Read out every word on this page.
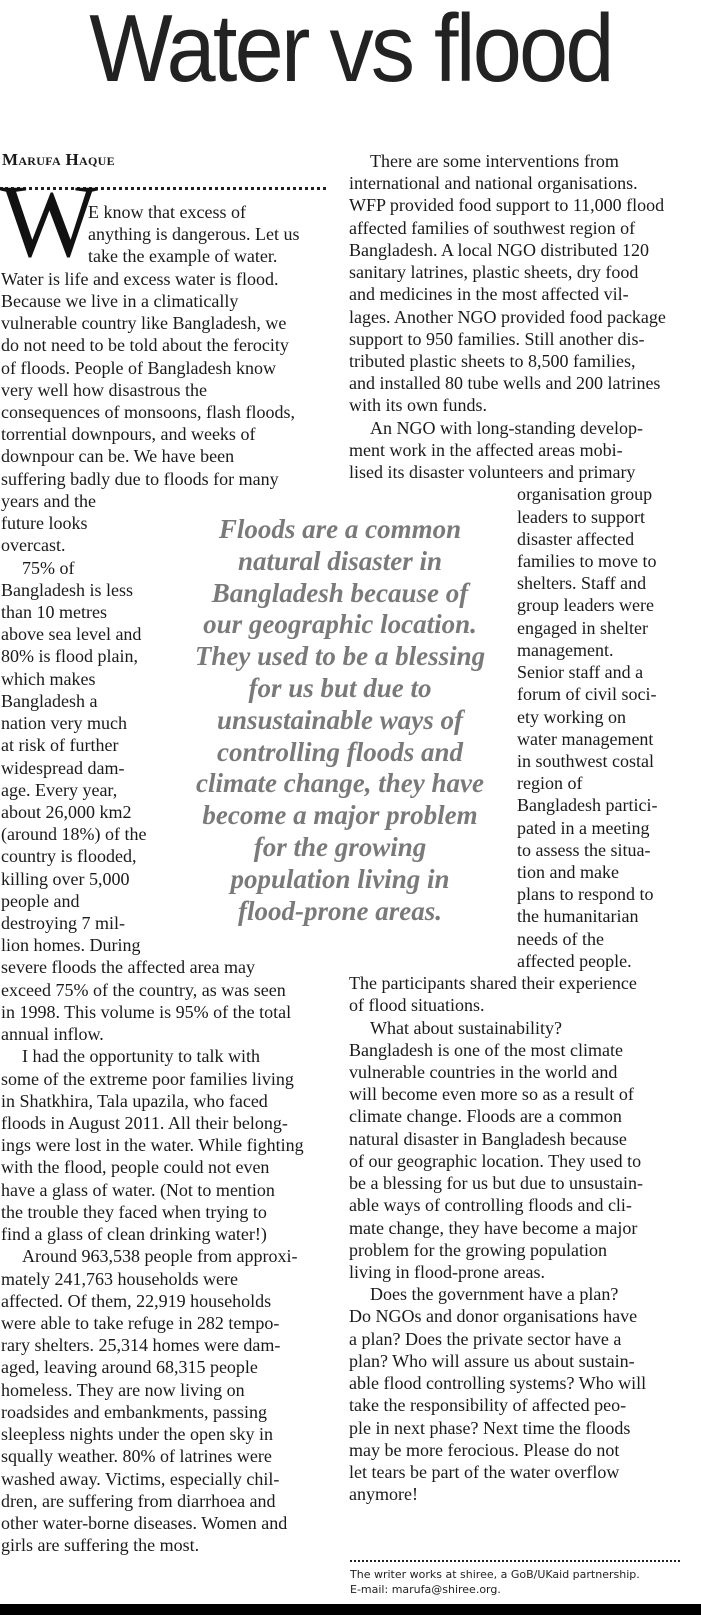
Water vs flood
Marufa Haque
W
E know that excess of
anything is dangerous. Let us
take the example of water.
Water is life and excess water is flood.
Because we live in a climatically
vulnerable country like Bangladesh, we
do not need to be told about the ferocity
of floods. People of Bangladesh know
very well how disastrous the
consequences of monsoons, flash floods,
torrential downpours, and weeks of
downpour can be. We have been
suffering badly due to floods for many
years and the
future looks
overcast.
75% of
Bangladesh is less
than 10 metres
above sea level and
80% is flood plain,
which makes
Bangladesh a
nation very much
at risk of further
widespread dam-
age. Every year,
about 26,000 km2
(around 18%) of the
country is flooded,
killing over 5,000
people and
destroying 7 mil-
lion homes. During
severe floods the affected area may
exceed 75% of the country, as was seen
in 1998. This volume is 95% of the total
annual inflow.
I had the opportunity to talk with
some of the extreme poor families living
in Shatkhira, Tala upazila, who faced
floods in August 2011. All their belong-
ings were lost in the water. While fighting
with the flood, people could not even
have a glass of water. (Not to mention
the trouble they faced when trying to
find a glass of clean drinking water!)
Around 963,538 people from approxi-
mately 241,763 households were
affected. Of them, 22,919 households
were able to take refuge in 282 tempo-
rary shelters. 25,314 homes were dam-
aged, leaving around 68,315 people
homeless. They are now living on
roadsides and embankments, passing
sleepless nights under the open sky in
squally weather. 80% of latrines were
washed away. Victims, especially chil-
dren, are suffering from diarrhoea and
other water-borne diseases. Women and
girls are suffering the most.
There are some interventions from
international and national organisations.
WFP provided food support to 11,000 flood
affected families of southwest region of
Bangladesh. A local NGO distributed 120
sanitary latrines, plastic sheets, dry food
and medicines in the most affected vil-
lages. Another NGO provided food package
support to 950 families. Still another dis-
tributed plastic sheets to 8,500 families,
and installed 80 tube wells and 200 latrines
with its own funds.
An NGO with long-standing develop-
ment work in the affected areas mobi-
lised its disaster volunteers and primary
organisation group
leaders to support
disaster affected
families to move to
shelters. Staff and
group leaders were
engaged in shelter
management.
Senior staff and a
forum of civil soci-
ety working on
water management
in southwest costal
region of
Bangladesh partici-
pated in a meeting
to assess the situa-
tion and make
plans to respond to
the humanitarian
needs of the
affected people.
The participants shared their experience
of flood situations.
What about sustainability?
Bangladesh is one of the most climate
vulnerable countries in the world and
will become even more so as a result of
climate change. Floods are a common
natural disaster in Bangladesh because
of our geographic location. They used to
be a blessing for us but due to unsustain-
able ways of controlling floods and cli-
mate change, they have become a major
problem for the growing population
living in flood-prone areas.
Does the government have a plan?
Do NGOs and donor organisations have
a plan? Does the private sector have a
plan? Who will assure us about sustain-
able flood controlling systems? Who will
take the responsibility of affected peo-
ple in next phase? Next time the floods
may be more ferocious. Please do not
let tears be part of the water overflow
anymore!
Floods are a common
natural disaster in
Bangladesh because of
our geographic location.
They used to be a blessing
for us but due to
unsustainable ways of
controlling floods and
climate change, they have
become a major problem
for the growing
population living in
flood-prone areas.
The writer works at shiree, a GoB/UKaid partnership.
E-mail: marufa@shiree.org.
